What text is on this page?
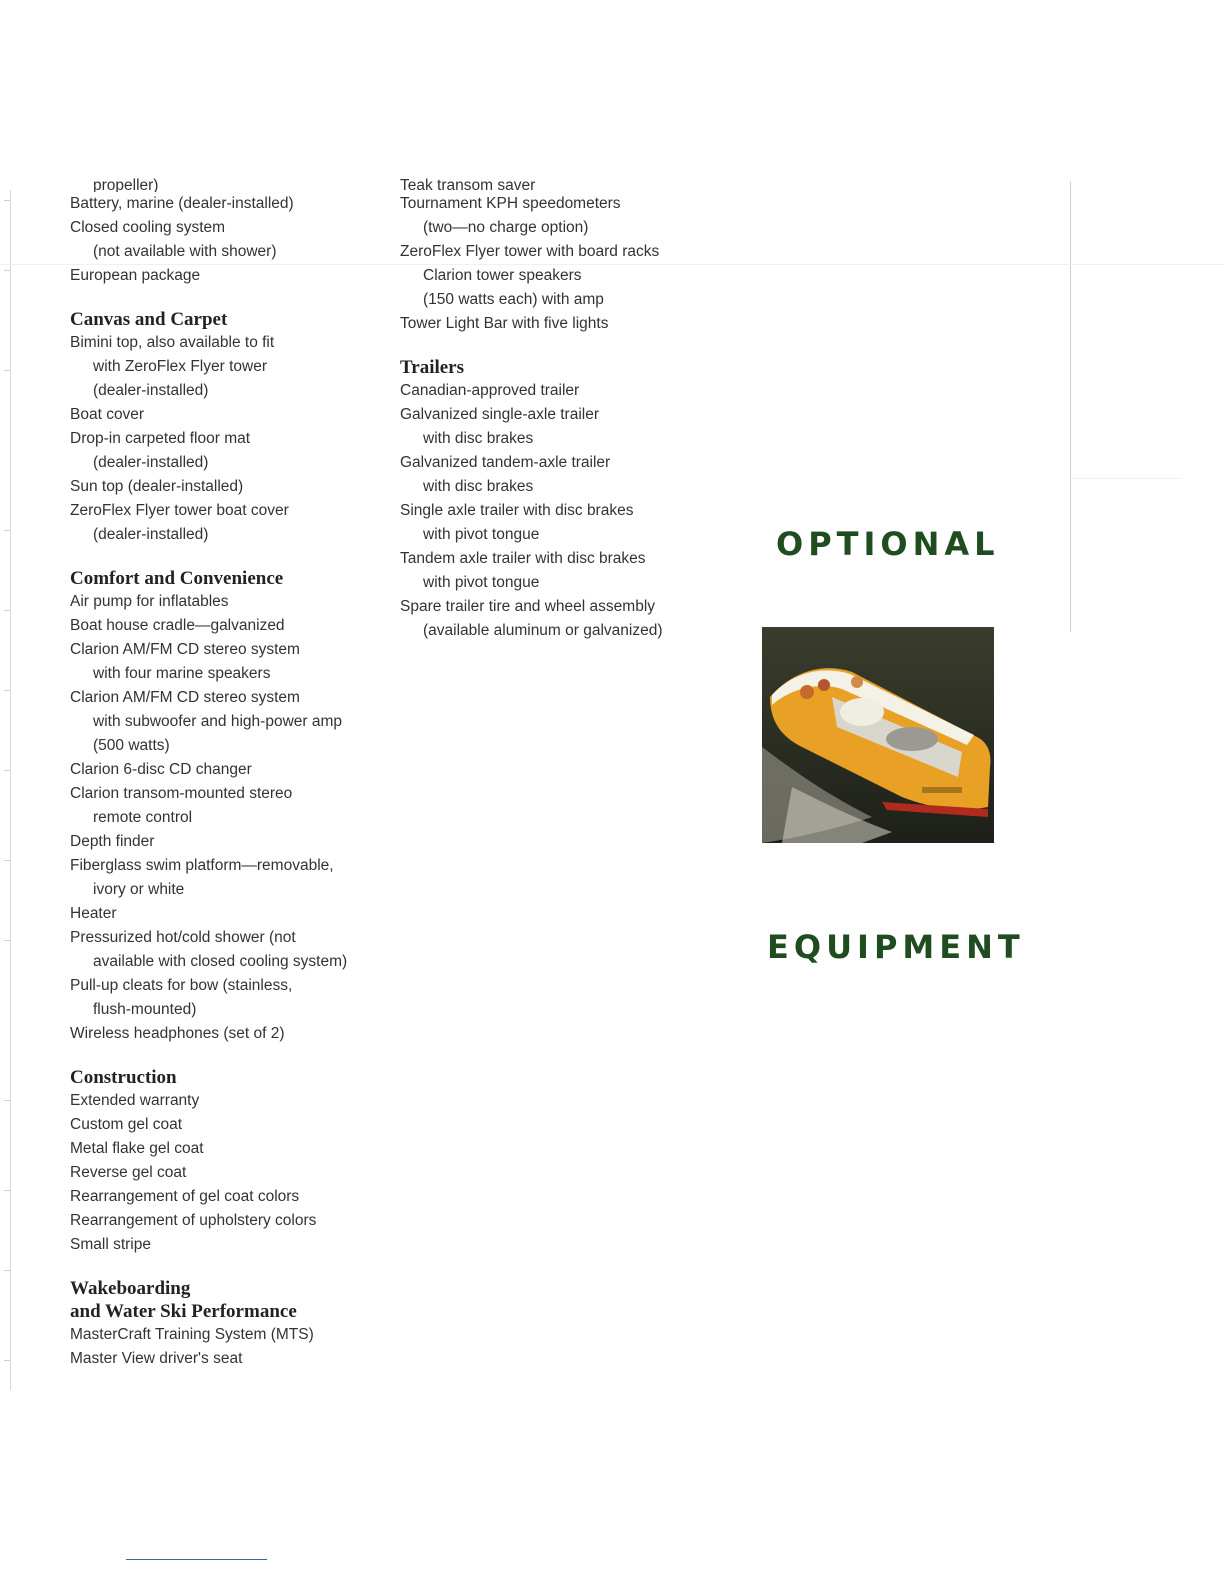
propeller)
Battery, marine (dealer-installed)
Closed cooling system
(not available with shower)
European package
Canvas and Carpet
Bimini top, also available to fit
with ZeroFlex Flyer tower
(dealer-installed)
Boat cover
Drop-in carpeted floor mat
(dealer-installed)
Sun top (dealer-installed)
ZeroFlex Flyer tower boat cover
(dealer-installed)
Comfort and Convenience
Air pump for inflatables
Boat house cradle—galvanized
Clarion AM/FM CD stereo system
with four marine speakers
Clarion AM/FM CD stereo system
with subwoofer and high-power amp
(500 watts)
Clarion 6-disc CD changer
Clarion transom-mounted stereo
remote control
Depth finder
Fiberglass swim platform—removable,
ivory or white
Heater
Pressurized hot/cold shower (not
available with closed cooling system)
Pull-up cleats for bow (stainless,
flush-mounted)
Wireless headphones (set of 2)
Construction
Extended warranty
Custom gel coat
Metal flake gel coat
Reverse gel coat
Rearrangement of gel coat colors
Rearrangement of upholstery colors
Small stripe
Wakeboarding
and Water Ski Performance
MasterCraft Training System (MTS)
Master View driver's seat
Teak transom saver
Tournament KPH speedometers
(two—no charge option)
ZeroFlex Flyer tower with board racks
Clarion tower speakers
(150 watts each) with amp
Tower Light Bar with five lights
Trailers
Canadian-approved trailer
Galvanized single-axle trailer
with disc brakes
Galvanized tandem-axle trailer
with disc brakes
Single axle trailer with disc brakes
with pivot tongue
Tandem axle trailer with disc brakes
with pivot tongue
Spare trailer tire and wheel assembly
(available aluminum or galvanized)
OPTIONAL
EQUIPMENT
